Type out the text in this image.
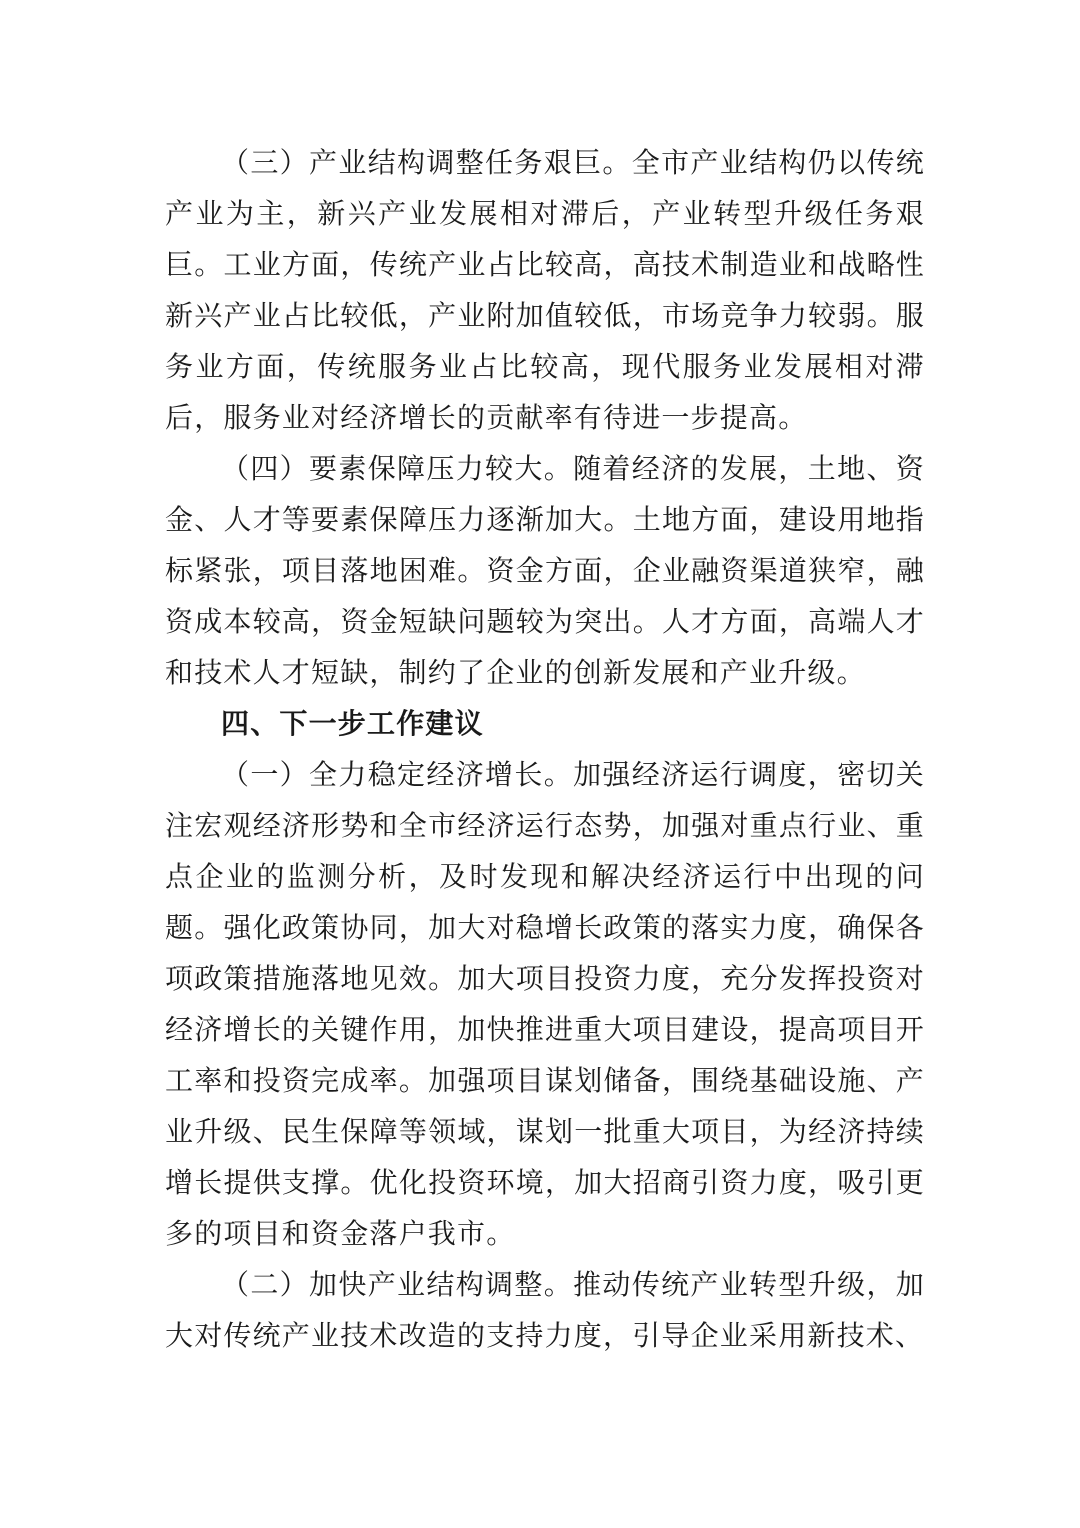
（三）产业结构调整任务艰巨。全市产业结构仍以传统产业为主，新兴产业发展相对滞后，产业转型升级任务艰巨。工业方面，传统产业占比较高，高技术制造业和战略性新兴产业占比较低，产业附加值较低，市场竞争力较弱。服务业方面，传统服务业占比较高，现代服务业发展相对滞后，服务业对经济增长的贡献率有待进一步提高。

（四）要素保障压力较大。随着经济的发展，土地、资金、人才等要素保障压力逐渐加大。土地方面，建设用地指标紧张，项目落地困难。资金方面，企业融资渠道狭窄，融资成本较高，资金短缺问题较为突出。人才方面，高端人才和技术人才短缺，制约了企业的创新发展和产业升级。

四、下一步工作建议

（一）全力稳定经济增长。加强经济运行调度，密切关注宏观经济形势和全市经济运行态势，加强对重点行业、重点企业的监测分析，及时发现和解决经济运行中出现的问题。强化政策协同，加大对稳增长政策的落实力度，确保各项政策措施落地见效。加大项目投资力度，充分发挥投资对经济增长的关键作用，加快推进重大项目建设，提高项目开工率和投资完成率。加强项目谋划储备，围绕基础设施、产业升级、民生保障等领域，谋划一批重大项目，为经济持续增长提供支撑。优化投资环境，加大招商引资力度，吸引更多的项目和资金落户我市。

（二）加快产业结构调整。推动传统产业转型升级，加大对传统产业技术改造的支持力度，引导企业采用新技术、
